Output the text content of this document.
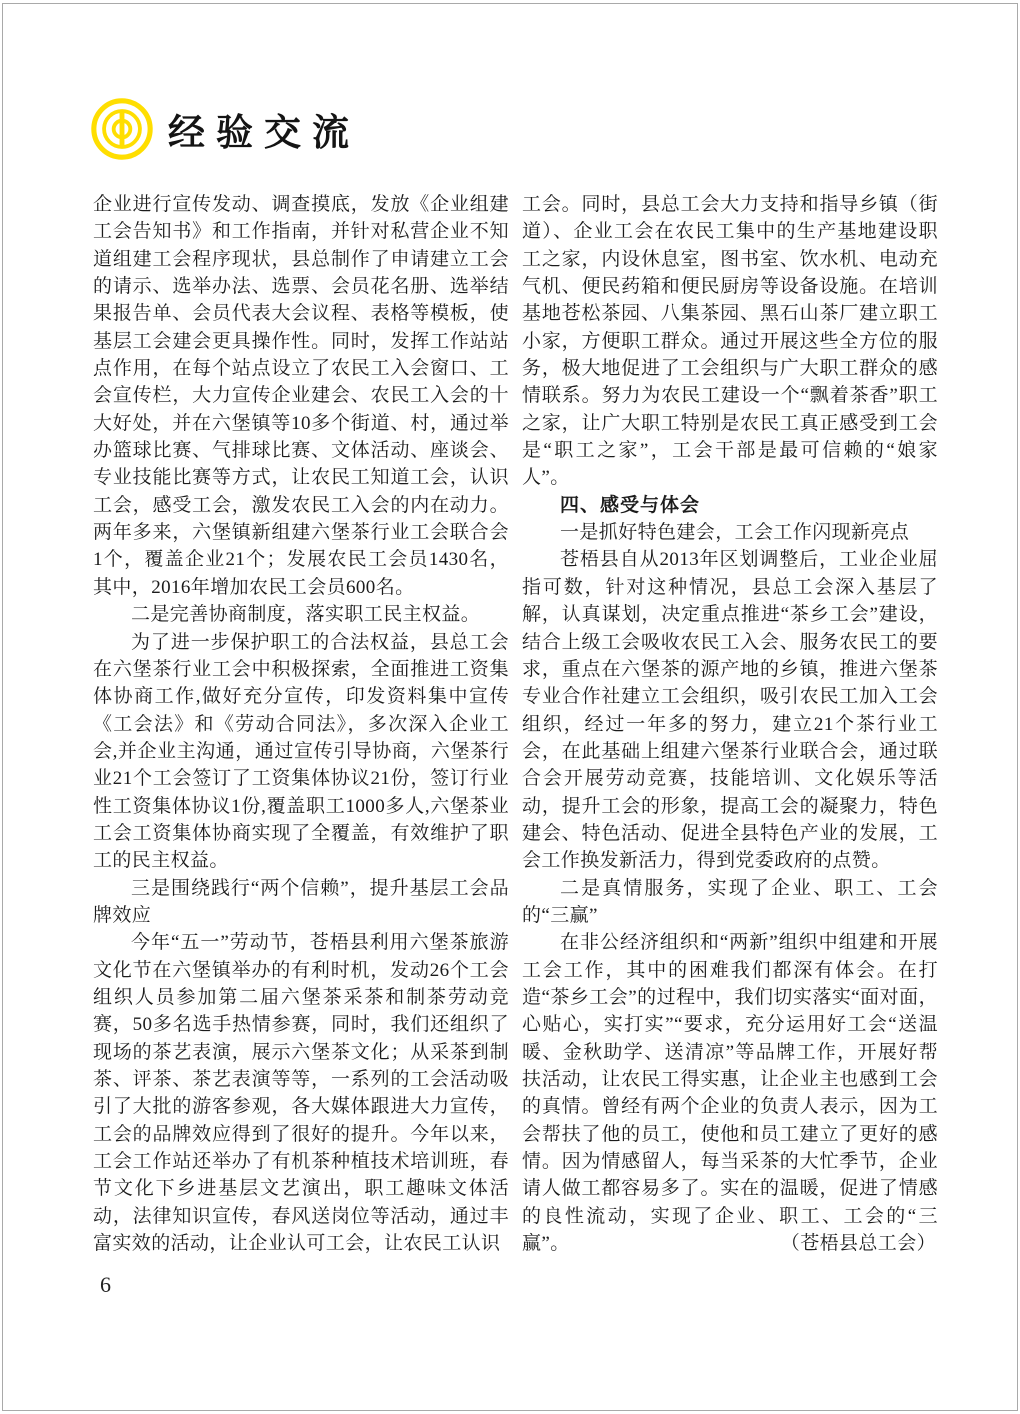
经验交流

企业进行宣传发动、调查摸底，发放《企业组建工会告知书》和工作指南，并针对私营企业不知道组建工会程序现状，县总制作了申请建立工会的请示、选举办法、选票、会员花名册、选举结果报告单、会员代表大会议程、表格等模板，使基层工会建会更具操作性。同时，发挥工作站站点作用，在每个站点设立了农民工入会窗口、工会宣传栏，大力宣传企业建会、农民工入会的十大好处，并在六堡镇等10多个街道、村，通过举办篮球比赛、气排球比赛、文体活动、座谈会、专业技能比赛等方式，让农民工知道工会，认识工会，感受工会，激发农民工入会的内在动力。两年多来，六堡镇新组建六堡茶行业工会联合会1个，覆盖企业21个；发展农民工会员1430名，其中，2016年增加农民工会员600名。

二是完善协商制度，落实职工民主权益。

为了进一步保护职工的合法权益，县总工会在六堡茶行业工会中积极探索，全面推进工资集体协商工作,做好充分宣传，印发资料集中宣传《工会法》和《劳动合同法》，多次深入企业工会,并企业主沟通，通过宣传引导协商，六堡茶行业21个工会签订了工资集体协议21份，签订行业性工资集体协议1份,覆盖职工1000多人,六堡茶业工会工资集体协商实现了全覆盖，有效维护了职工的民主权益。

三是围绕践行“两个信赖”，提升基层工会品牌效应

今年“五一”劳动节，苍梧县利用六堡茶旅游文化节在六堡镇举办的有利时机，发动26个工会组织人员参加第二届六堡茶采茶和制茶劳动竞赛，50多名选手热情参赛，同时，我们还组织了现场的茶艺表演，展示六堡茶文化；从采茶到制茶、评茶、茶艺表演等等，一系列的工会活动吸引了大批的游客参观，各大媒体跟进大力宣传，工会的品牌效应得到了很好的提升。今年以来，工会工作站还举办了有机茶种植技术培训班，春节文化下乡进基层文艺演出，职工趣味文体活动，法律知识宣传，春风送岗位等活动，通过丰富实效的活动，让企业认可工会，让农民工认识

工会。同时，县总工会大力支持和指导乡镇（街道）、企业工会在农民工集中的生产基地建设职工之家，内设休息室，图书室、饮水机、电动充气机、便民药箱和便民厨房等设备设施。在培训基地苍松茶园、八集茶园、黑石山茶厂建立职工小家，方便职工群众。通过开展这些全方位的服务，极大地促进了工会组织与广大职工群众的感情联系。努力为农民工建设一个“飘着茶香”职工之家，让广大职工特别是农民工真正感受到工会是“职工之家”，工会干部是最可信赖的“娘家人”。

四、感受与体会

一是抓好特色建会，工会工作闪现新亮点

苍梧县自从2013年区划调整后，工业企业屈指可数，针对这种情况，县总工会深入基层了解，认真谋划，决定重点推进“茶乡工会”建设，结合上级工会吸收农民工入会、服务农民工的要求，重点在六堡茶的源产地的乡镇，推进六堡茶专业合作社建立工会组织，吸引农民工加入工会组织，经过一年多的努力，建立21个茶行业工会，在此基础上组建六堡茶行业联合会，通过联合会开展劳动竞赛，技能培训、文化娱乐等活动，提升工会的形象，提高工会的凝聚力，特色建会、特色活动、促进全县特色产业的发展，工会工作换发新活力，得到党委政府的点赞。

二是真情服务，实现了企业、职工、工会的“三赢”

在非公经济组织和“两新”组织中组建和开展工会工作，其中的困难我们都深有体会。在打造“茶乡工会”的过程中，我们切实落实“面对面，心贴心，实打实”“要求，充分运用好工会“送温暖、金秋助学、送清凉”等品牌工作，开展好帮扶活动，让农民工得实惠，让企业主也感到工会的真情。曾经有两个企业的负责人表示，因为工会帮扶了他的员工，使他和员工建立了更好的感情。因为情感留人，每当采茶的大忙季节，企业请人做工都容易多了。实在的温暖，促进了情感的良性流动，实现了企业、职工、工会的“三赢”。	（苍梧县总工会）
6
